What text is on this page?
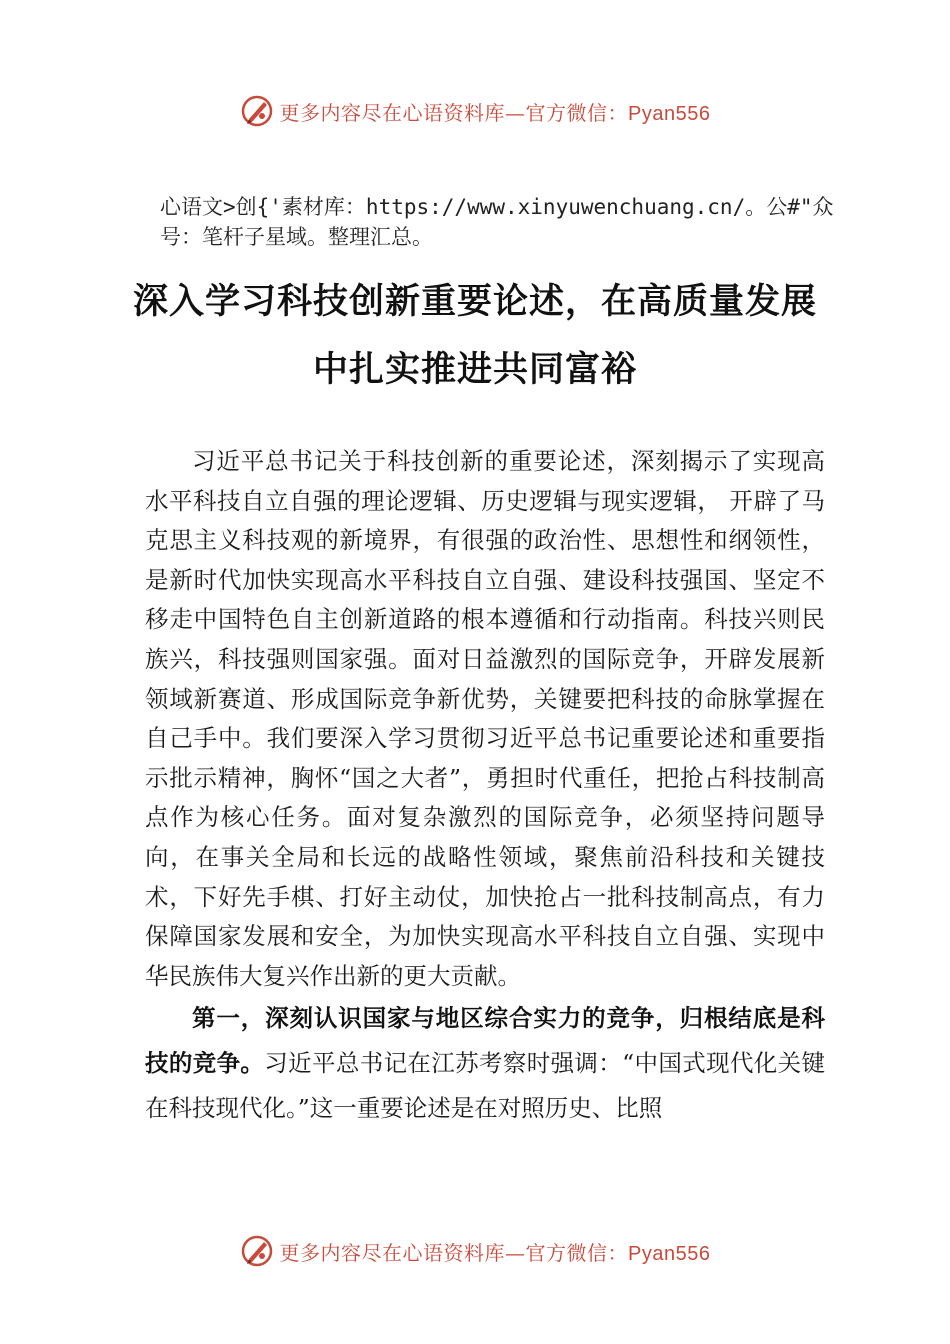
更多内容尽在心语资料库—官方微信：Pyan556
心语文>创{'素材库：https://www.xinyuwenchuang.cn/。公#"众号：笔杆子星域。整理汇总。
深入学习科技创新重要论述，在高质量发展中扎实推进共同富裕

习近平总书记关于科技创新的重要论述，深刻揭示了实现高水平科技自立自强的理论逻辑、历史逻辑与现实逻辑， 开辟了马克思主义科技观的新境界，有很强的政治性、思想性和纲领性，是新时代加快实现高水平科技自立自强、建设科技强国、坚定不移走中国特色自主创新道路的根本遵循和行动指南。科技兴则民族兴，科技强则国家强。面对日益激烈的国际竞争，开辟发展新领域新赛道、形成国际竞争新优势，关键要把科技的命脉掌握在自己手中。我们要深入学习贯彻习近平总书记重要论述和重要指示批示精神，胸怀“国之大者”，勇担时代重任，把抢占科技制高点作为核心任务。面对复杂激烈的国际竞争，必须坚持问题导向，在事关全局和长远的战略性领域，聚焦前沿科技和关键技术，下好先手棋、打好主动仗，加快抢占一批科技制高点，有力保障国家发展和安全，为加快实现高水平科技自立自强、实现中华民族伟大复兴作出新的更大贡献。

第一，深刻认识国家与地区综合实力的竞争，归根结底是科技的竞争。习近平总书记在江苏考察时强调：“中国式现代化关键在科技现代化。”这一重要论述是在对照历史、比照

更多内容尽在心语资料库—官方微信：Pyan556
